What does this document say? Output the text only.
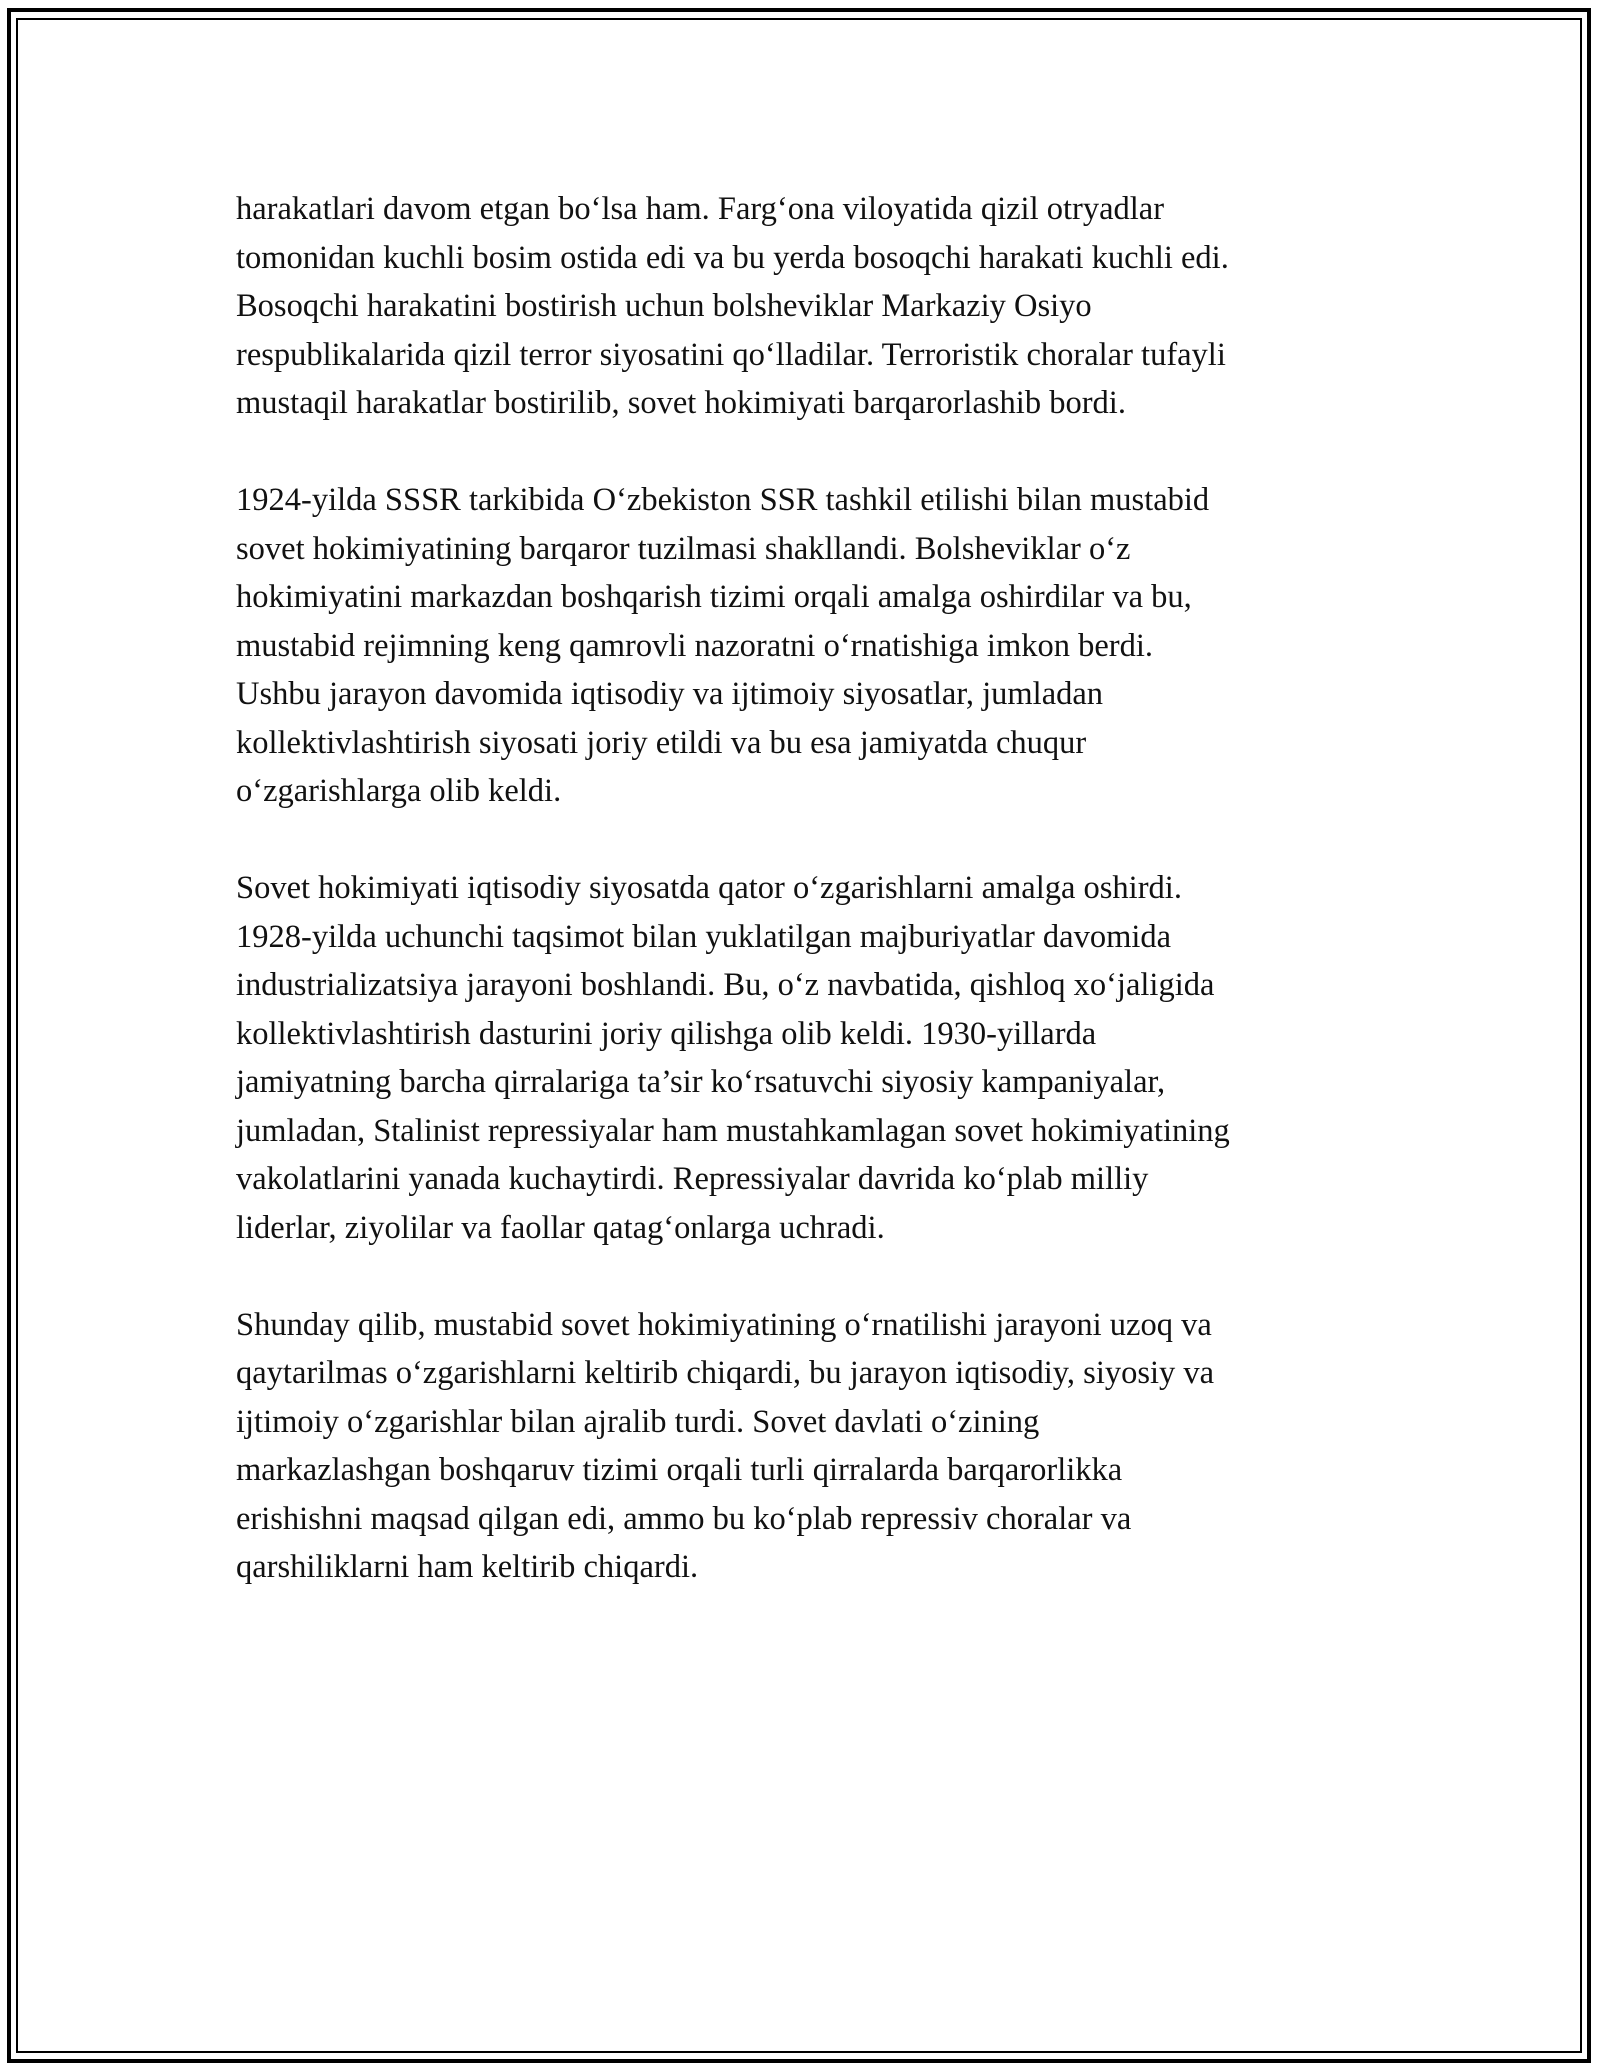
harakatlari davom etgan bo‘lsa ham. Farg‘ona viloyatida qizil otryadlar
tomonidan kuchli bosim ostida edi va bu yerda bosoqchi harakati kuchli edi.
Bosoqchi harakatini bostirish uchun bolsheviklar Markaziy Osiyo
respublikalarida qizil terror siyosatini qo‘lladilar. Terroristik choralar tufayli
mustaqil harakatlar bostirilib, sovet hokimiyati barqarorlashib bordi.

1924-yilda SSSR tarkibida O‘zbekiston SSR tashkil etilishi bilan mustabid
sovet hokimiyatining barqaror tuzilmasi shakllandi. Bolsheviklar o‘z
hokimiyatini markazdan boshqarish tizimi orqali amalga oshirdilar va bu,
mustabid rejimning keng qamrovli nazoratni o‘rnatishiga imkon berdi.
Ushbu jarayon davomida iqtisodiy va ijtimoiy siyosatlar, jumladan
kollektivlashtirish siyosati joriy etildi va bu esa jamiyatda chuqur
o‘zgarishlarga olib keldi.

Sovet hokimiyati iqtisodiy siyosatda qator o‘zgarishlarni amalga oshirdi.
1928-yilda uchunchi taqsimot bilan yuklatilgan majburiyatlar davomida
industrializatsiya jarayoni boshlandi. Bu, o‘z navbatida, qishloq xo‘jaligida
kollektivlashtirish dasturini joriy qilishga olib keldi. 1930-yillarda
jamiyatning barcha qirralariga ta’sir ko‘rsatuvchi siyosiy kampaniyalar,
jumladan, Stalinist repressiyalar ham mustahkamlagan sovet hokimiyatining
vakolatlarini yanada kuchaytirdi. Repressiyalar davrida ko‘plab milliy
liderlar, ziyolilar va faollar qatag‘onlarga uchradi.

Shunday qilib, mustabid sovet hokimiyatining o‘rnatilishi jarayoni uzoq va
qaytarilmas o‘zgarishlarni keltirib chiqardi, bu jarayon iqtisodiy, siyosiy va
ijtimoiy o‘zgarishlar bilan ajralib turdi. Sovet davlati o‘zining
markazlashgan boshqaruv tizimi orqali turli qirralarda barqarorlikka
erishishni maqsad qilgan edi, ammo bu ko‘plab repressiv choralar va
qarshiliklarni ham keltirib chiqardi.
